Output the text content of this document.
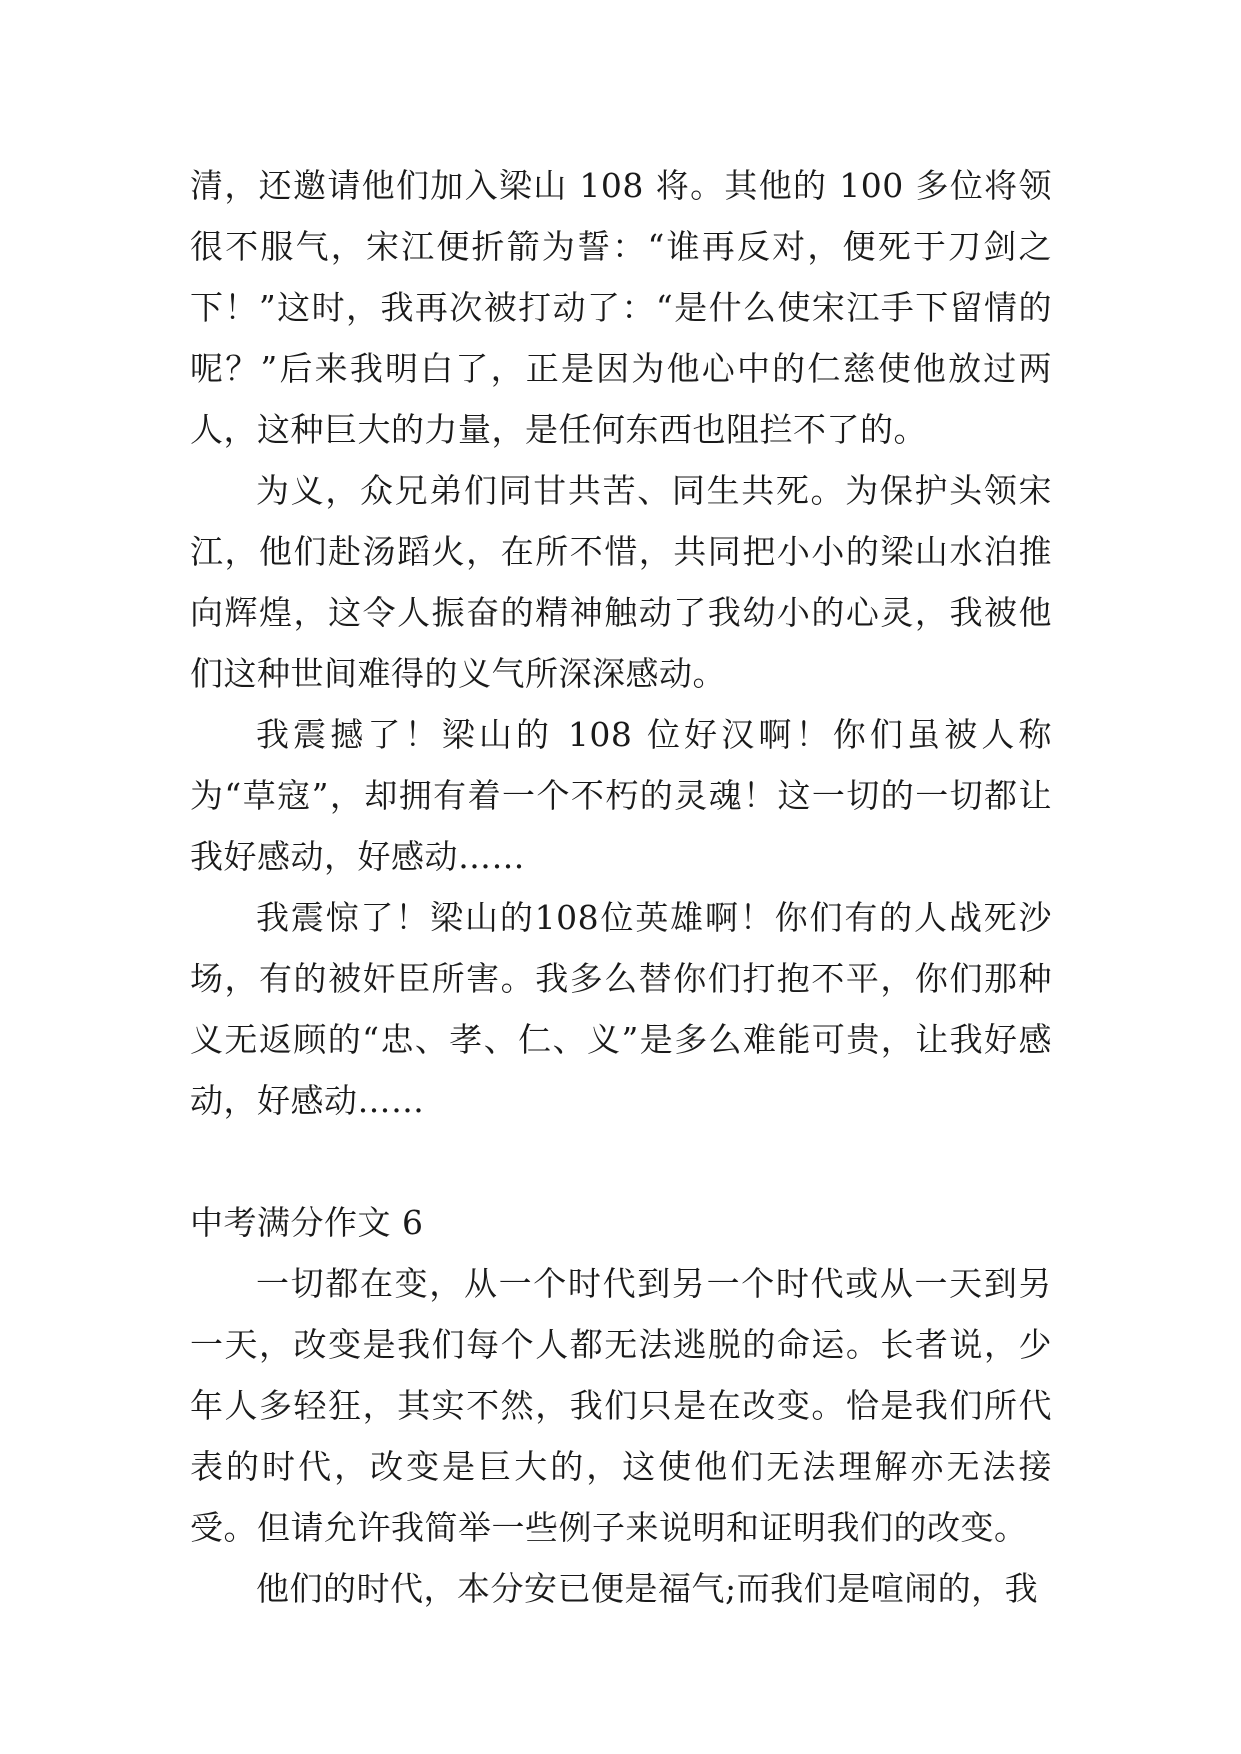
清，还邀请他们加入梁山 108 将。其他的 100 多位将领很不服气，宋江便折箭为誓：“谁再反对，便死于刀剑之下！”这时，我再次被打动了：“是什么使宋江手下留情的呢？”后来我明白了，正是因为他心中的仁慈使他放过两人，这种巨大的力量，是任何东西也阻拦不了的。

为义，众兄弟们同甘共苦、同生共死。为保护头领宋江，他们赴汤蹈火，在所不惜，共同把小小的梁山水泊推向辉煌，这令人振奋的精神触动了我幼小的心灵，我被他们这种世间难得的义气所深深感动。

我震撼了！梁山的 108 位好汉啊！你们虽被人称为“草寇”，却拥有着一个不朽的灵魂！这一切的一切都让我好感动，好感动……

我震惊了！梁山的108位英雄啊！你们有的人战死沙场，有的被奸臣所害。我多么替你们打抱不平，你们那种义无返顾的“忠、孝、仁、义”是多么难能可贵，让我好感动，好感动……

中考满分作文 6

一切都在变，从一个时代到另一个时代或从一天到另一天，改变是我们每个人都无法逃脱的命运。长者说，少年人多轻狂，其实不然，我们只是在改变。恰是我们所代表的时代，改变是巨大的，这使他们无法理解亦无法接受。但请允许我简举一些例子来说明和证明我们的改变。

他们的时代，本分安已便是福气;而我们是喧闹的，我
